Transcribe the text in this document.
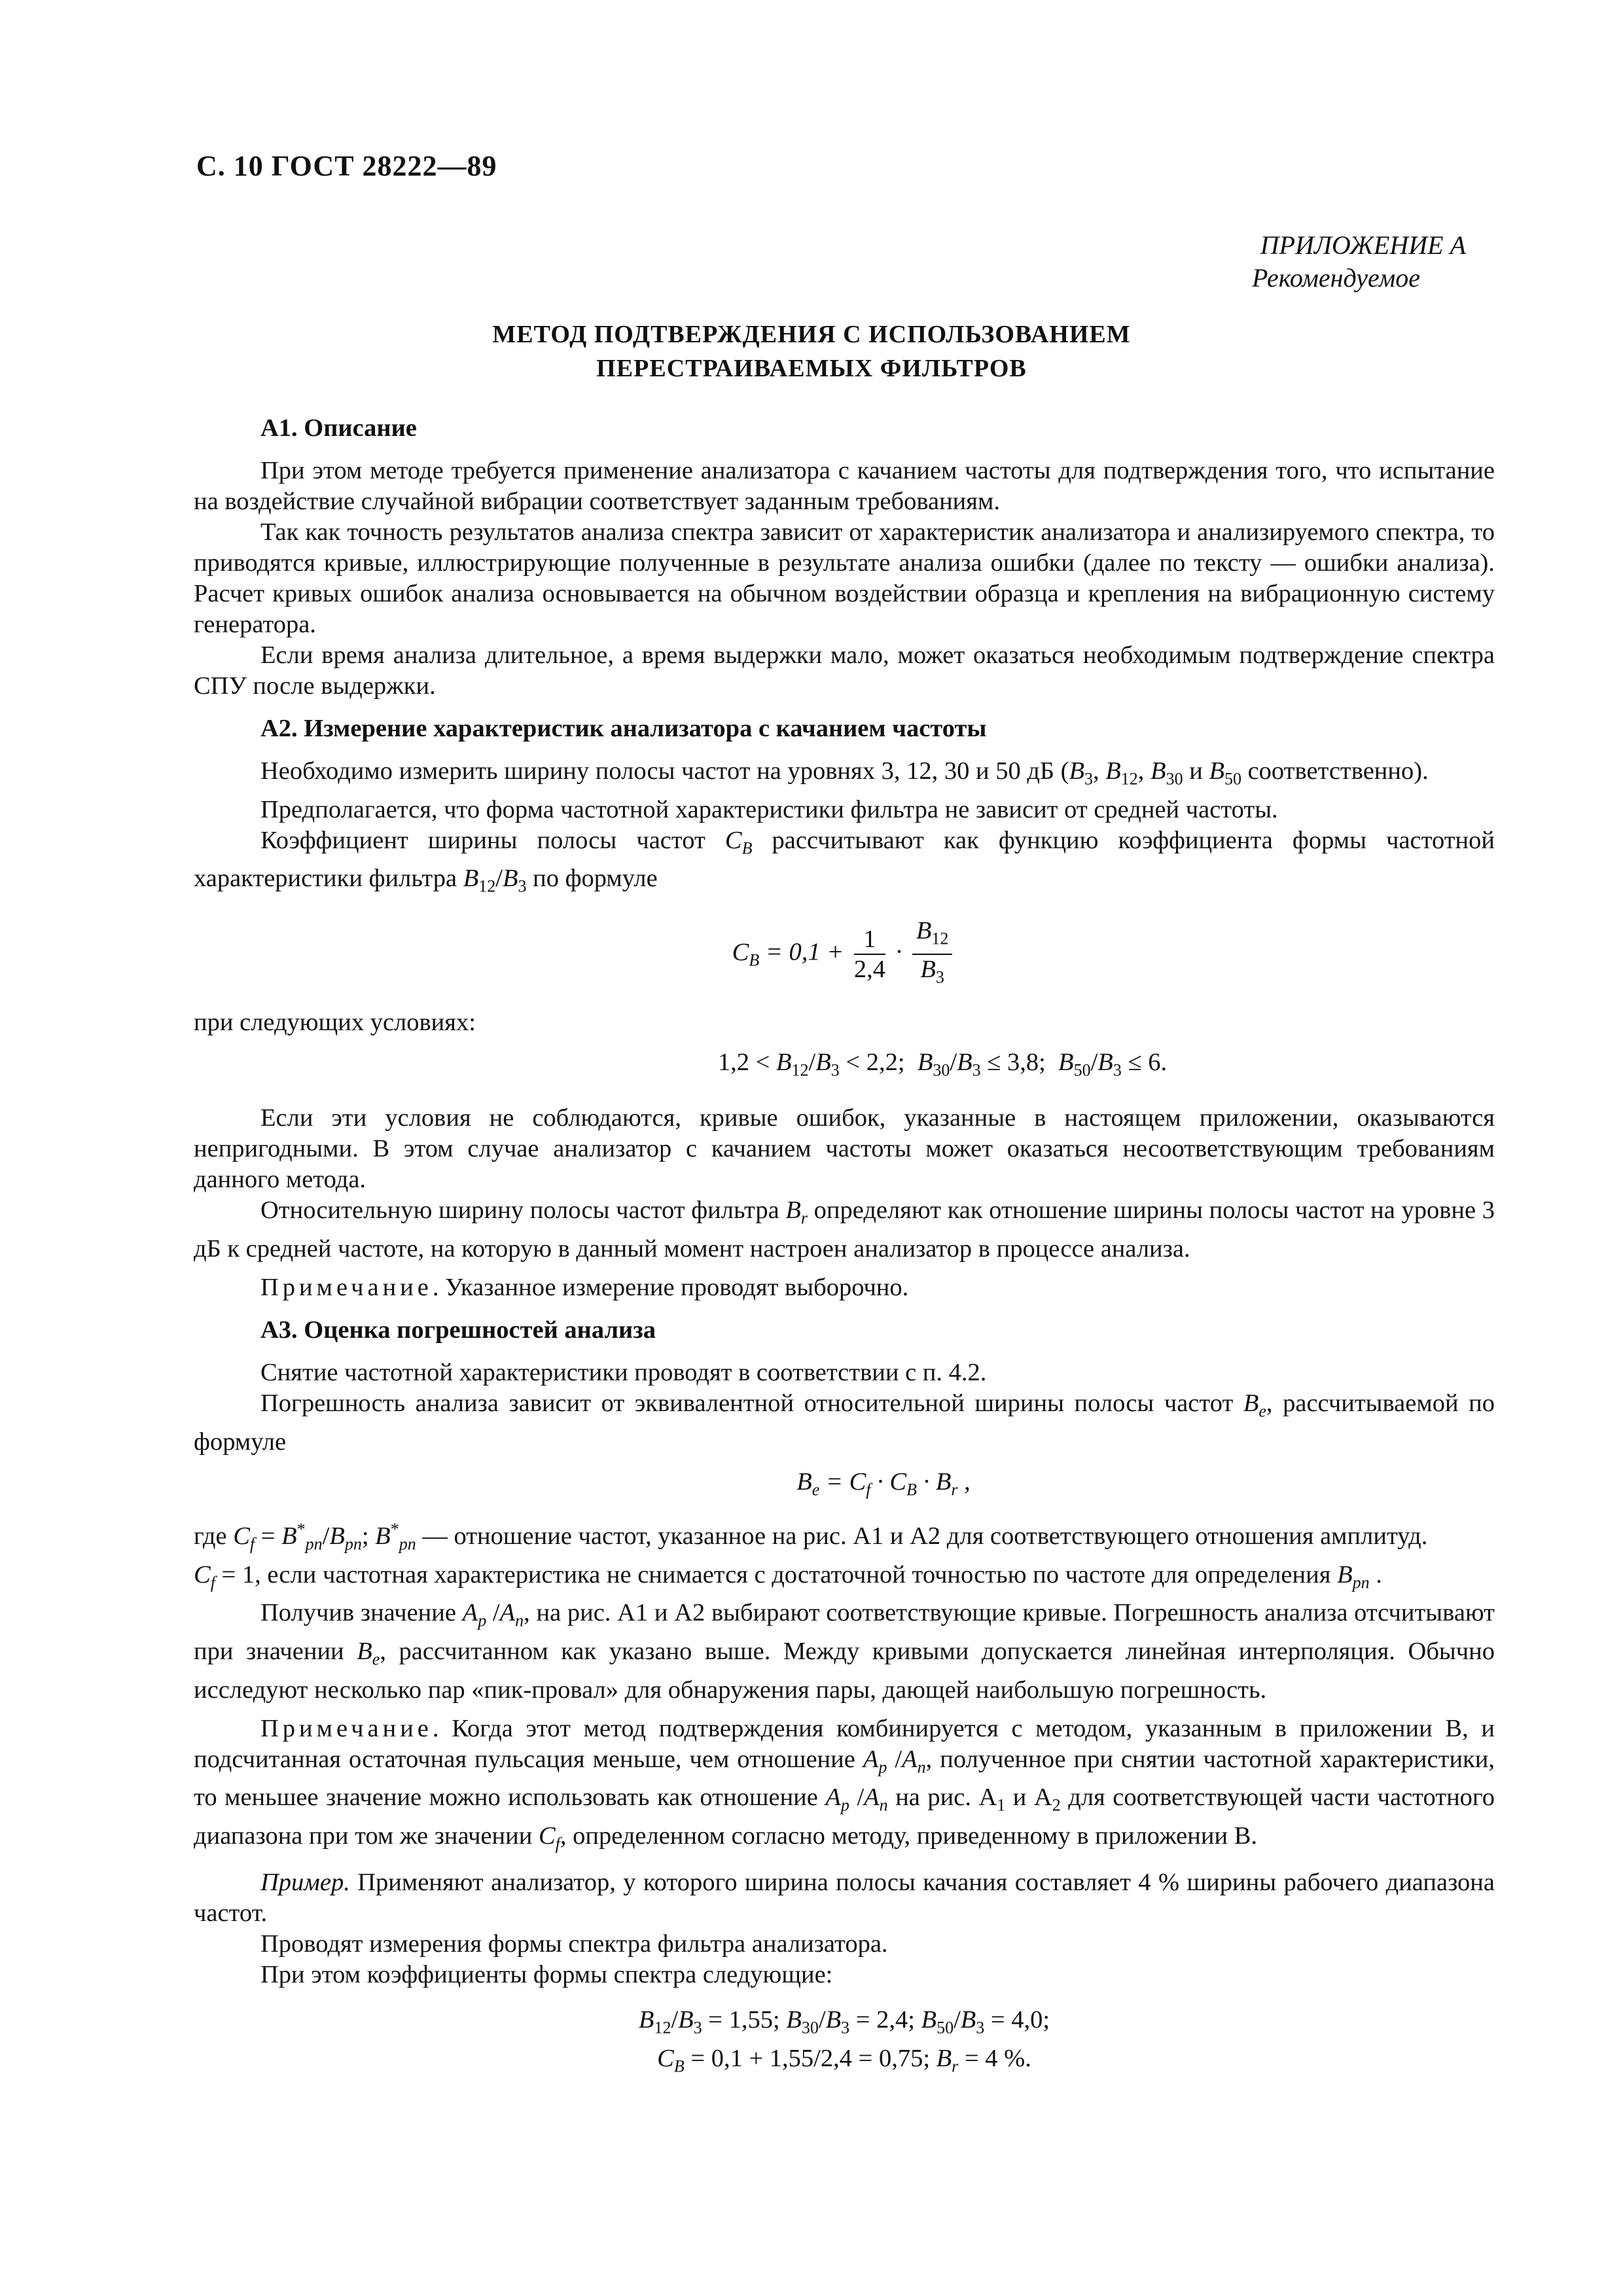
С. 10 ГОСТ 28222—89
ПРИЛОЖЕНИЕ А
Рекомендуемое
МЕТОД ПОДТВЕРЖДЕНИЯ С ИСПОЛЬЗОВАНИЕМ
ПЕРЕСТРАИВАЕМЫХ ФИЛЬТРОВ
А1. Описание

При этом методе требуется применение анализатора с качанием частоты для подтверждения того, что испытание на воздействие случайной вибрации соответствует заданным требованиям.

Так как точность результатов анализа спектра зависит от характеристик анализатора и анализируемого спектра, то приводятся кривые, иллюстрирующие полученные в результате анализа ошибки (далее по тексту — ошибки анализа). Расчет кривых ошибок анализа основывается на обычном воздействии образца и крепления на вибрационную систему генератора.

Если время анализа длительное, а время выдержки мало, может оказаться необходимым подтверждение спектра СПУ после выдержки.

А2. Измерение характеристик анализатора с качанием частоты

Необходимо измерить ширину полосы частот на уровнях 3, 12, 30 и 50 дБ ($B_3$, $B_{12}$, $B_{30}$ и $B_{50}$ соответственно).

Предполагается, что форма частотной характеристики фильтра не зависит от средней частоты.

Коэффициент ширины полосы частот $C_B$ рассчитывают как функцию коэффициента формы частотной характеристики фильтра $B_{12}/B_3$ по формуле

$C_B = 0,1 + \frac{1}{2,4} \cdot \frac{B_{12}}{B_3}$

при следующих условиях:

$1,2 < B_{12}/B_3 < 2,2$;  $B_{30}/B_3 \le 3,8$;  $B_{50}/B_3 \le 6$.

Если эти условия не соблюдаются, кривые ошибок, указанные в настоящем приложении, оказываются непригодными. В этом случае анализатор с качанием частоты может оказаться несоответствующим требованиям данного метода.

Относительную ширину полосы частот фильтра $B_r$ определяют как отношение ширины полосы частот на уровне 3 дБ к средней частоте, на которую в данный момент настроен анализатор в процессе анализа.

Примечание. Указанное измерение проводят выборочно.

А3. Оценка погрешностей анализа

Снятие частотной характеристики проводят в соответствии с п. 4.2.

Погрешность анализа зависит от эквивалентной относительной ширины полосы частот $B_e$, рассчитываемой по формуле

$B_e = C_f \cdot C_B \cdot B_r$ ,

где $C_f = B^*_{pn}/B_{pn}$; $B^*_{pn}$ — отношение частот, указанное на рис. А1 и А2 для соответствующего отношения амплитуд.

$C_f = 1$, если частотная характеристика не снимается с достаточной точностью по частоте для определения $B_{pn}$ .

Получив значение $A_p$ $/A_n$, на рис. А1 и А2 выбирают соответствующие кривые. Погрешность анализа отсчитывают при значении $B_e$, рассчитанном как указано выше. Между кривыми допускается линейная интерполяция. Обычно исследуют несколько пар «пик-провал» для обнаружения пары, дающей наибольшую погрешность.

Примечание. Когда этот метод подтверждения комбинируется с методом, указанным в приложении В, и подсчитанная остаточная пульсация меньше, чем отношение $A_p$ $/A_n$, полученное при снятии частотной характеристики, то меньшее значение можно использовать как отношение $A_p$ $/A_n$ на рис. $А_1$ и $А_2$ для соответствующей части частотного диапазона при том же значении $C_f$, определенном согласно методу, приведенному в приложении В.

Пример. Применяют анализатор, у которого ширина полосы качания составляет 4 % ширины рабочего диапазона частот.

Проводят измерения формы спектра фильтра анализатора.

При этом коэффициенты формы спектра следующие:

$B_{12}/B_3 = 1,55$; $B_{30}/B_3 = 2,4$; $B_{50}/B_3 = 4,0$;
$C_B = 0,1 + 1,55/2,4 = 0,75$; $B_r = 4$ %.
